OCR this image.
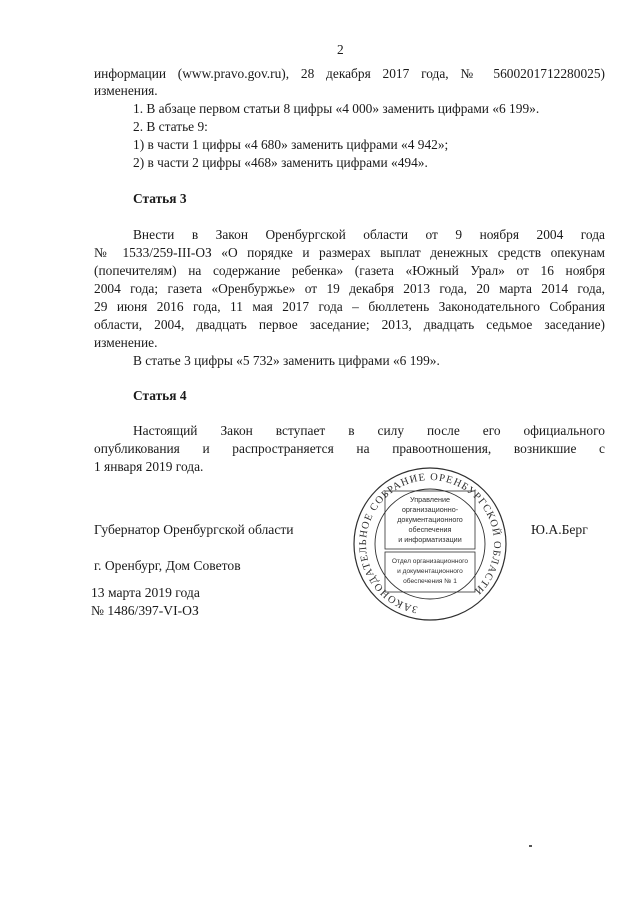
2
информации (www.pravo.gov.ru), 28 декабря 2017 года, № 5600201712280025)
изменения.
1. В абзаце первом статьи 8 цифры «4 000» заменить цифрами «6 199».
2. В статье 9:
1) в части 1 цифры «4 680» заменить цифрами «4 942»;
2) в части 2 цифры «468» заменить цифрами «494».
Статья 3
Внести в Закон Оренбургской области от 9 ноября 2004 года
№ 1533/259-III-ОЗ «О порядке и размерах выплат денежных средств опекунам
(попечителям) на содержание ребенка» (газета «Южный Урал» от 16 ноября
2004 года; газета «Оренбуржье» от 19 декабря 2013 года, 20 марта 2014 года,
29 июня 2016 года, 11 мая 2017 года – бюллетень Законодательного Собрания
области, 2004, двадцать первое заседание; 2013, двадцать седьмое заседание)
изменение.
В статье 3 цифры «5 732» заменить цифрами «6 199».
Статья 4
Настоящий Закон вступает в силу после его официального
опубликования и распространяется на правоотношения, возникшие с
1 января 2019 года.
ЗАКОНОДАТЕЛЬНОЕ СОБРАНИЕ ОРЕНБУРГСКОЙ ОБЛАСТИ
Управление
организационно-
документационного
обеспечения
и информатизации
Отдел организационного
и документационного
обеспечения № 1
Губернатор Оренбургской области	Ю.А.Берг
г. Оренбург, Дом Советов
13 марта 2019 года
№ 1486/397-VI-ОЗ
